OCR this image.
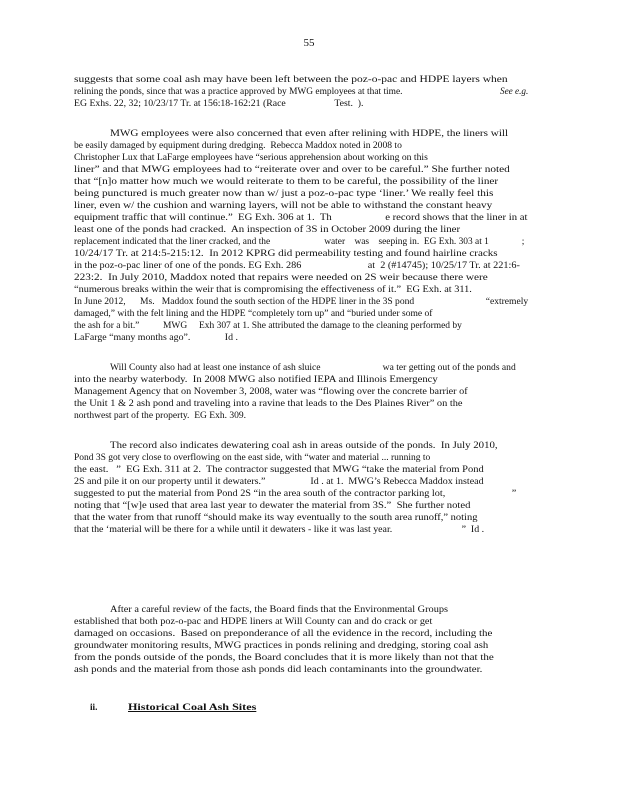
55
suggests that some coal ash may have been left between the poz-o-pac and HDPE layers when
relining the ponds, since that was a practice approved by MWG employees at that time.	See e.g.
EG Exhs. 22, 32; 10/23/17 Tr. at 156:18-162:21 (Race                    Test.  ).
MWG employees were also concerned that even after relining with HDPE, the liners will
be easily damaged by equipment during dredging.  Rebecca Maddox noted in 2008 to
Christopher Lux that LaFarge employees have “serious apprehension about working on this
liner” and that MWG employees had to “reiterate over and over to be careful.” She further noted
that “[n]o matter how much we would reiterate to them to be careful, the possibility of the liner
being punctured is much greater now than w/ just a poz-o-pac type ‘liner.’ We really feel this
liner, even w/ the cushion and warning layers, will not be able to withstand the constant heavy
equipment traffic that will continue.”  EG Exh. 306 at 1.  Th                    e record shows that the liner in at
least one of the ponds had cracked.  An inspection of 3S in October 2009 during the liner
replacement indicated that the liner cracked, and the                       water    was    seeping in.  EG Exh. 303 at 1              ;
10/24/17 Tr. at 214:5-215:12.  In 2012 KPRG did permeability testing and found hairline cracks
in the poz-o-pac liner of one of the ponds. EG Exh. 286                          at  2 (#14745); 10/25/17 Tr. at 221:6-
223:2.  In July 2010, Maddox noted that repairs were needed on 2S weir because there were
“numerous breaks within the weir that is compromising the effectiveness of it.”  EG Exh. at 311.
In June 2012,      Ms.   Maddox found the south section of the HDPE liner in the 3S pond                              “extremely
damaged,” with the felt lining and the HDPE “completely torn up” and “buried under some of
the ash for a bit.”          MWG     Exh 307 at 1. She attributed the damage to the cleaning performed by
LaFarge “many months ago”.              Id .
Will County also had at least one instance of ash sluice                          wa ter getting out of the ponds and
into the nearby waterbody.  In 2008 MWG also notified IEPA and Illinois Emergency
Management Agency that on November 3, 2008, water was “flowing over the concrete barrier of
the Unit 1 & 2 ash pond and traveling into a ravine that leads to the Des Plaines River” on the
northwest part of the property.  EG Exh. 309.
The record also indicates dewatering coal ash in areas outside of the ponds.  In July 2010,
Pond 3S got very close to overflowing on the east side, with “water and material ... running to
the east.   ”  EG Exh. 311 at 2.  The contractor suggested that MWG “take the material from Pond
2S and pile it on our property until it dewaters.”                  Id . at 1.  MWG’s Rebecca Maddox instead
suggested to put the material from Pond 2S “in the area south of the contractor parking lot,                          ”
noting that “[w]e used that area last year to dewater the material from 3S.”  She further noted
that the water from that runoff “should make its way eventually to the south area runoff,” noting
that the ‘material will be there for a while until it dewaters - like it was last year.                            ”  Id .
After a careful review of the facts, the Board finds that the Environmental Groups
established that both poz-o-pac and HDPE liners at Will County can and do crack or get
damaged on occasions.  Based on preponderance of all the evidence in the record, including the
groundwater monitoring results, MWG practices in ponds relining and dredging, storing coal ash
from the ponds outside of the ponds, the Board concludes that it is more likely than not that the
ash ponds and the material from those ash ponds did leach contaminants into the groundwater.
ii.	Historical Coal Ash Sites
